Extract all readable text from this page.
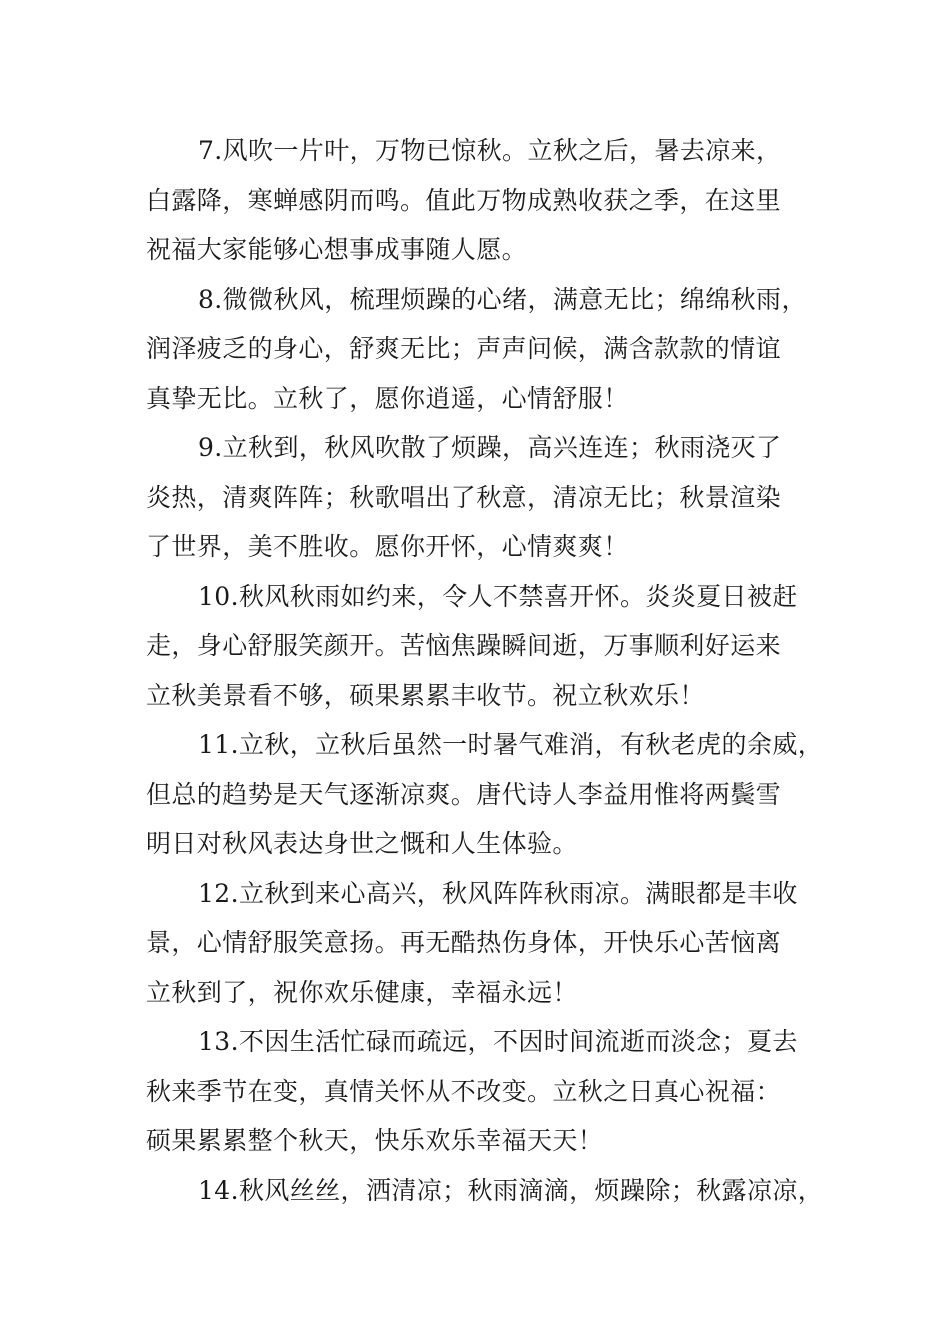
7.风吹一片叶，万物已惊秋。立秋之后，暑去凉来，
白露降，寒蝉感阴而鸣。值此万物成熟收获之季，在这里
祝福大家能够心想事成事随人愿。

8.微微秋风，梳理烦躁的心绪，满意无比；绵绵秋雨，
润泽疲乏的身心，舒爽无比；声声问候，满含款款的情谊
真挚无比。立秋了，愿你逍遥，心情舒服！

9.立秋到，秋风吹散了烦躁，高兴连连；秋雨浇灭了
炎热，清爽阵阵；秋歌唱出了秋意，清凉无比；秋景渲染
了世界，美不胜收。愿你开怀，心情爽爽！

10.秋风秋雨如约来，令人不禁喜开怀。炎炎夏日被赶
走，身心舒服笑颜开。苦恼焦躁瞬间逝，万事顺利好运来
立秋美景看不够，硕果累累丰收节。祝立秋欢乐！

11.立秋，立秋后虽然一时暑气难消，有秋老虎的余威，
但总的趋势是天气逐渐凉爽。唐代诗人李益用惟将两鬓雪
明日对秋风表达身世之慨和人生体验。

12.立秋到来心高兴，秋风阵阵秋雨凉。满眼都是丰收
景，心情舒服笑意扬。再无酷热伤身体，开快乐心苦恼离
立秋到了，祝你欢乐健康，幸福永远！

13.不因生活忙碌而疏远，不因时间流逝而淡念；夏去
秋来季节在变，真情关怀从不改变。立秋之日真心祝福：
硕果累累整个秋天，快乐欢乐幸福天天！

14.秋风丝丝，洒清凉；秋雨滴滴，烦躁除；秋露凉凉，
